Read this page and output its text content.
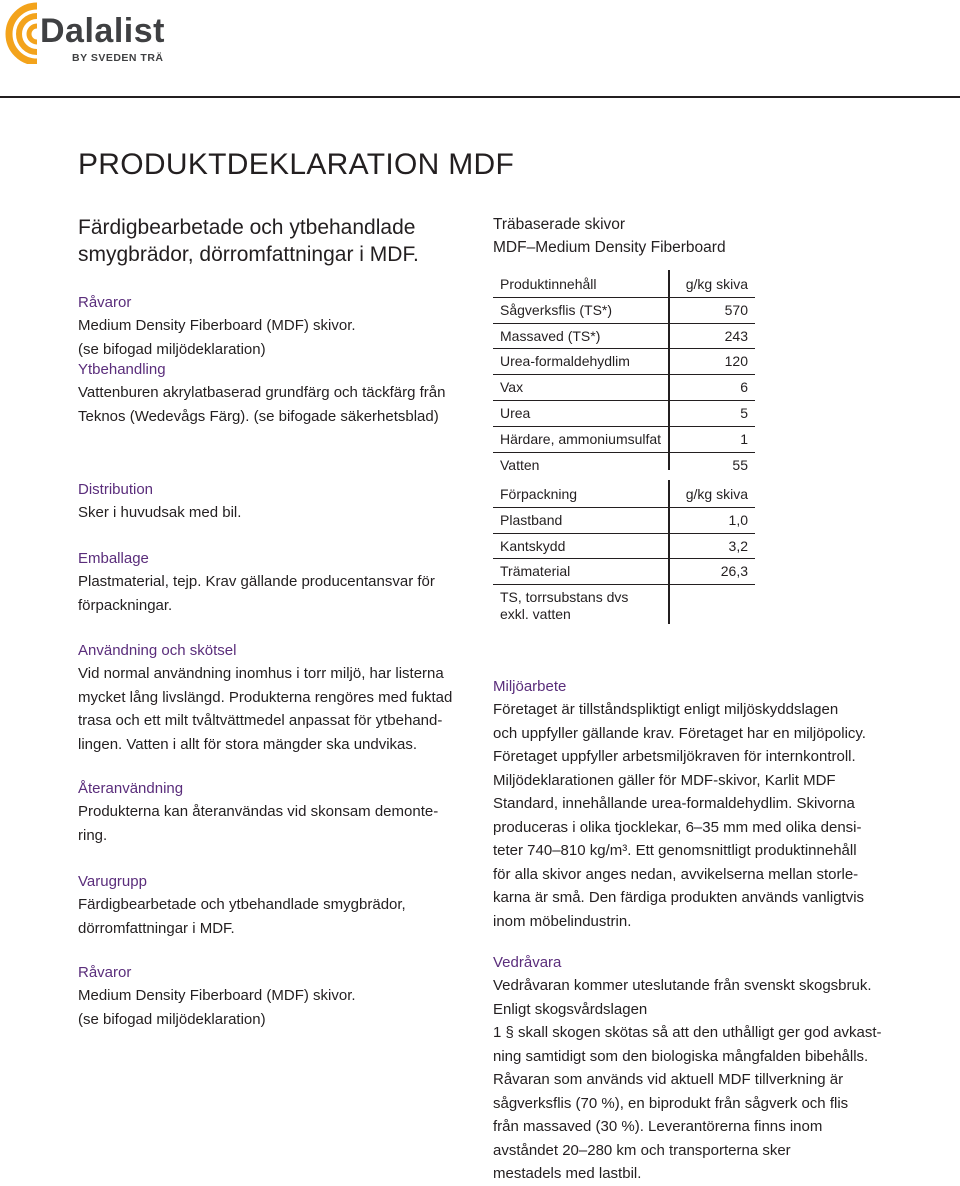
Dalalist
BY SVEDEN TRÄ
PRODUKTDEKLARATION MDF
Färdigbearbetade och ytbehandlade
smygbrädor, dörromfattningar i MDF.
Råvaror
Medium Density Fiberboard (MDF) skivor.
(se bifogad miljödeklaration)
Ytbehandling
Vattenburen akrylatbaserad grundfärg och täckfärg från
Teknos (Wedevågs Färg). (se bifogade säkerhetsblad)
Distribution
Sker i huvudsak med bil.
Emballage
Plastmaterial, tejp. Krav gällande producentansvar för
förpackningar.
Användning och skötsel
Vid normal användning inomhus i torr miljö, har listerna
mycket lång livslängd. Produkterna rengöres med fuktad
trasa och ett milt tvåltvättmedel anpassat för ytbehand-
lingen. Vatten i allt för stora mängder ska undvikas.
Återanvändning
Produkterna kan återanvändas vid skonsam demonte-
ring.
Varugrupp
Färdigbearbetade och ytbehandlade smygbrädor,
dörromfattningar i MDF.
Råvaror
Medium Density Fiberboard (MDF) skivor.
(se bifogad miljödeklaration)
Träbaserade skivor
MDF–Medium Density Fiberboard
Produktinnehåll	g/kg skiva
Sågverksflis (TS*)	570
Massaved (TS*)	243
Urea-formaldehydlim	120
Vax	6
Urea	5
Härdare, ammoniumsulfat	1
Vatten	55
Förpackning	g/kg skiva
Plastband	1,0
Kantskydd	3,2
Trämaterial	26,3
TS, torrsubstans dvs
exkl. vatten
Miljöarbete
Företaget är tillståndspliktigt enligt miljöskyddslagen
och uppfyller gällande krav. Företaget har en miljöpolicy.
Företaget uppfyller arbetsmiljökraven för internkontroll.
Miljödeklarationen gäller för MDF-skivor, Karlit MDF
Standard, innehållande urea-formaldehydlim. Skivorna
produceras i olika tjocklekar, 6–35 mm med olika densi-
teter 740–810 kg/m³. Ett genomsnittligt produktinnehåll
för alla skivor anges nedan, avvikelserna mellan storle-
karna är små. Den färdiga produkten används vanligtvis
inom möbelindustrin.
Vedråvara
Vedråvaran kommer uteslutande från svenskt skogsbruk.
Enligt skogsvårdslagen
1 § skall skogen skötas så att den uthålligt ger god avkast-
ning samtidigt som den biologiska mångfalden bibehålls.
Råvaran som används vid aktuell MDF tillverkning är
sågverksflis (70 %), en biprodukt från sågverk och flis
från massaved (30 %). Leverantörerna finns inom
avståndet 20–280 km och transporterna sker
mestadels med lastbil.
